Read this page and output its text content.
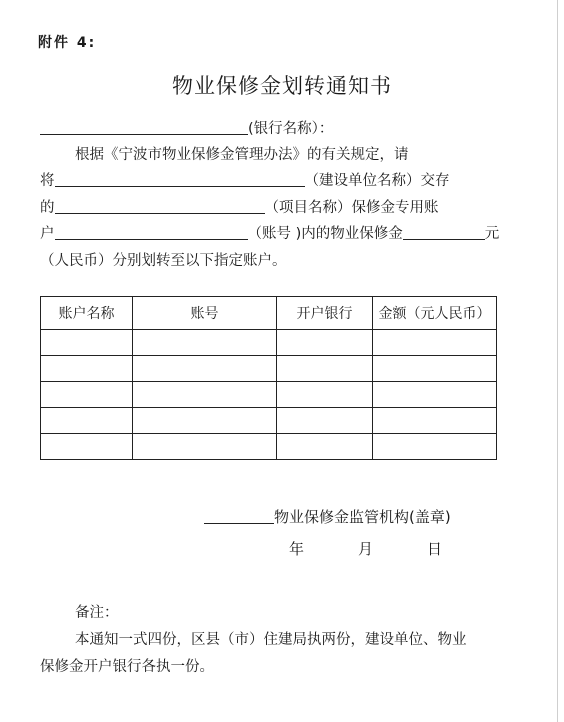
附件 4:
物业保修金划转通知书
(银行名称）：
根据《宁波市物业保修金管理办法》的有关规定，请
将	（建设单位名称）交存
的	（项目名称）保修金专用账
户	（账号 )内的物业保修金	元
（人民币）分别划转至以下指定账户。
账户名称	账号	开户银行	金额（元人民币）

物业保修金监管机构(盖章)
年	月	日
备注：
本通知一式四份，区县（市）住建局执两份，建设单位、物业
保修金开户银行各执一份。
